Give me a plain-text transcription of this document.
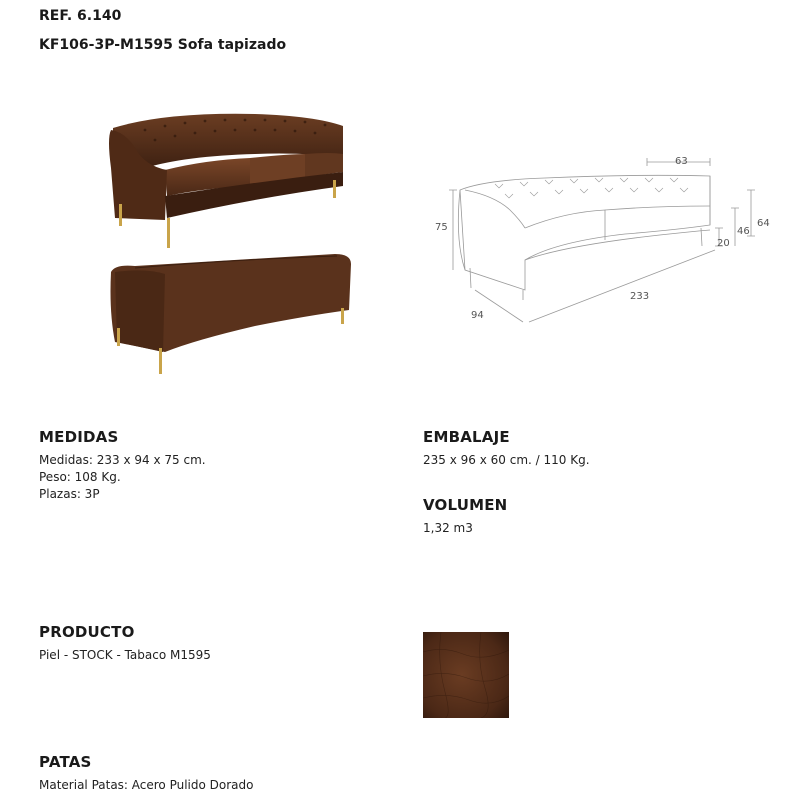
REF. 6.140
KF106-3P-M1595 Sofa tapizado
63
75	64
46
20
94
233
MEDIDAS
Medidas: 233 x 94 x 75 cm.
Peso: 108 Kg.
Plazas: 3P
EMBALAJE
235 x 96 x 60 cm. / 110 Kg.
VOLUMEN
1,32 m3
PRODUCTO
Piel - STOCK - Tabaco M1595
PATAS
Material Patas: Acero Pulido Dorado
